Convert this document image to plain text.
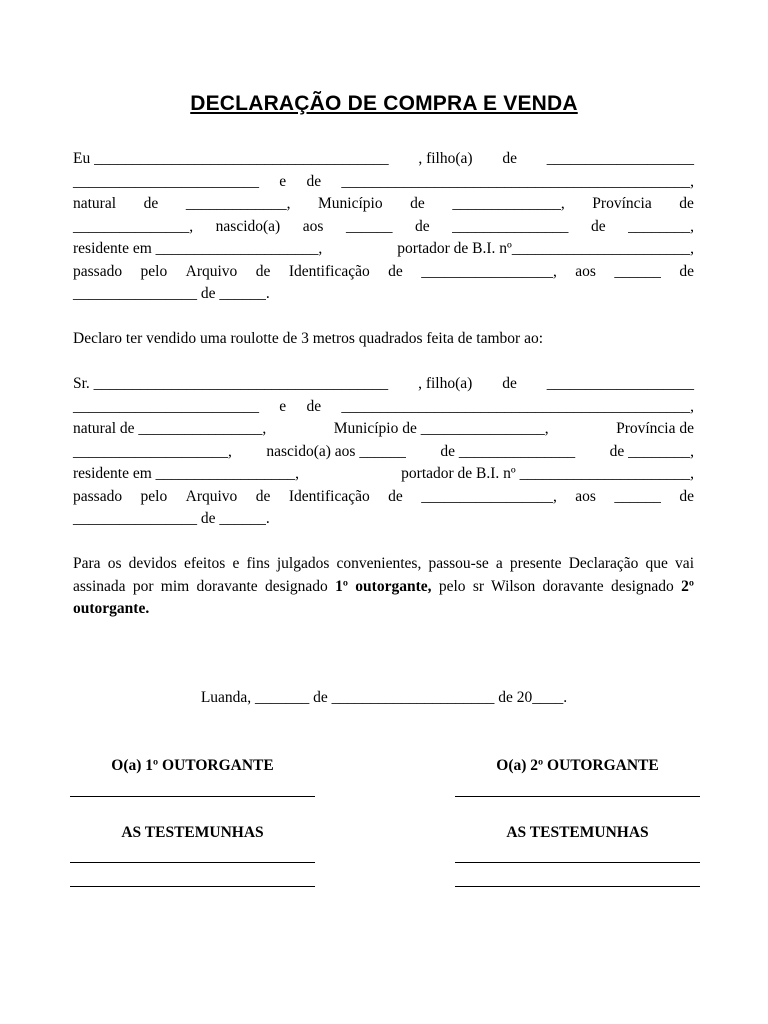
DECLARAÇÃO DE COMPRA E VENDA
Eu ______________________________________ , filho(a) de ___________________
________________________ e de _____________________________________________,
natural de _____________, Município de ______________, Província de
_______________, nascido(a) aos ______ de _______________ de ________,
residente em _____________________,	portador de B.I. nº_______________________,
passado pelo Arquivo de Identificação de _________________, aos ______ de
________________ de ______.
Declaro ter vendido uma roulotte de 3 metros quadrados feita de tambor ao:
Sr. ______________________________________ , filho(a) de ___________________
________________________ e de _____________________________________________,
natural de ________________,	Município de ________________,	Província de
____________________, nascido(a) aos ______ de _______________ de ________,
residente em __________________,	portador de B.I. nº ______________________,
passado pelo Arquivo de Identificação de _________________, aos ______ de
________________ de ______.
Para os devidos efeitos e fins julgados convenientes, passou-se a presente Declaração que vai assinada por mim doravante designado 1º outorgante, pelo sr Wilson doravante designado 2º outorgante.
Luanda, _______ de _____________________ de 20____.
O(a) 1º OUTORGANTE	O(a) 2º OUTORGANTE
AS TESTEMUNHAS	AS TESTEMUNHAS
